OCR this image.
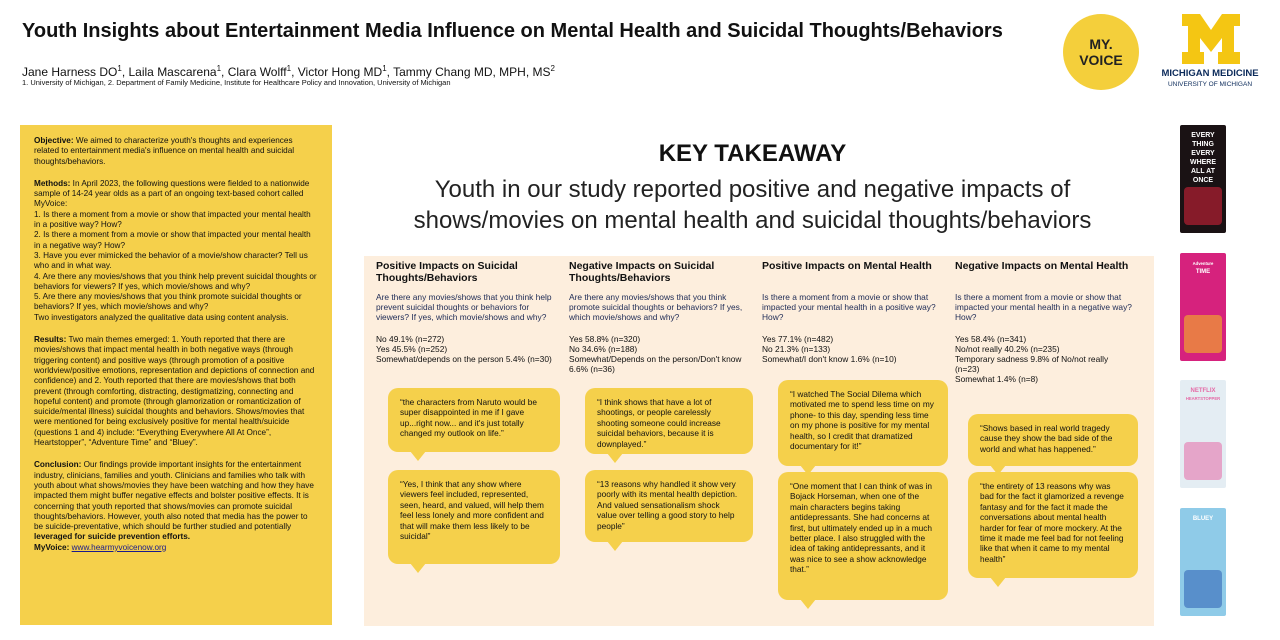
Youth Insights about Entertainment Media Influence on Mental Health and Suicidal Thoughts/Behaviors
Jane Harness $DO^1$, Laila Mascarena$^1$, Clara Wolff$^1$, Victor Hong $MD^1$, Tammy Chang MD, MPH, $MS^2$
1. University of Michigan, 2. Department of Family Medicine, Institute for Healthcare Policy and Innovation, University of Michigan
MY.
VOICE
MICHIGAN MEDICINE
UNIVERSITY OF MICHIGAN

Objective: We aimed to characterize youth's thoughts and experiences related to entertainment media's influence on mental health and suicidal thoughts/behaviors.

Methods: In April 2023, the following questions were fielded to a nationwide sample of 14-24 year olds as a part of an ongoing text-based cohort called MyVoice:

1. Is there a moment from a movie or show that impacted your mental health in a positive way? How?

2. Is there a moment from a movie or show that impacted your mental health in a negative way? How?

3. Have you ever mimicked the behavior of a movie/show character? Tell us who and in what way.

4. Are there any movies/shows that you think help prevent suicidal thoughts or behaviors for viewers? If yes, which movie/shows and why?

5. Are there any movies/shows that you think promote suicidal thoughts or behaviors? If yes, which movie/shows and why?

Two investigators analyzed the qualitative data using content analysis.

Results: Two main themes emerged: 1. Youth reported that there are movies/shows that impact mental health in both negative ways (through triggering content) and positive ways (through promotion of a positive worldview/positive emotions, representation and depictions of connection and confidence) and 2. Youth reported that there are movies/shows that both prevent (through comforting, distracting, destigmatizing, connecting and hopeful content) and promote (through glamorization or romanticization of suicide/mental illness) suicidal thoughts and behaviors. Shows/movies that were mentioned for being exclusively positive for mental health/suicide (questions 1 and 4) include: “Everything Everywhere All At Once”, Heartstopper”, “Adventure Time” and “Bluey”.

Conclusion: Our findings provide important insights for the entertainment industry, clinicians, families and youth. Clinicians and families who talk with youth about what shows/movies they have been watching and how they have impacted them might buffer negative effects and bolster positive effects. It is concerning that youth reported that shows/movies can promote suicidal thoughts/behaviors. However, youth also noted that media has the power to be suicide-preventative, which should be further studied and potentially leveraged for suicide prevention efforts.

MyVoice: www.hearmyvoicenow.org

KEY TAKEAWAY
Youth in our study reported positive and negative impacts of
shows/movies on mental health and suicidal thoughts/behaviors
Positive Impacts on Suicidal Thoughts/Behaviors
Are there any movies/shows that you think help prevent suicidal thoughts or behaviors for viewers? If yes, which movie/shows and why?
No 49.1% (n=272)
Yes 45.5% (n=252)
Somewhat/depends on the person 5.4% (n=30)
Negative Impacts on Suicidal Thoughts/Behaviors
Are there any movies/shows that you think promote suicidal thoughts or behaviors? If yes, which movie/shows and why?
Yes 58.8% (n=320)
No 34.6% (n=188)
Somewhat/Depends on the person/Don't know 6.6% (n=36)
Positive Impacts on Mental Health
Is there a moment from a movie or show that impacted your mental health in a positive way? How?
Yes 77.1% (n=482)
No 21.3% (n=133)
Somewhat/I don't know 1.6% (n=10)
Negative Impacts on Mental Health
Is there a moment from a movie or show that impacted your mental health in a negative way? How?
Yes 58.4% (n=341)
No/not really 40.2% (n=235)
Temporary sadness 9.8% of No/not really (n=23)
Somewhat 1.4% (n=8)
“the characters from Naruto would be super disappointed in me if I gave up...right now... and it's just totally changed my outlook on life.”
“Yes, I think that any show where viewers feel included, represented, seen, heard, and valued, will help them feel less lonely and more confident and that will make them less likely to be suicidal”
“I think shows that have a lot of shootings, or people carelessly shooting someone could increase suicidal behaviors, because it is downplayed.”
“13 reasons why handled it show very poorly with its mental health depiction. And valued sensationalism shock value over telling a good story to help people”
“I watched The Social Dilema which motivated me to spend less time on my phone- to this day, spending less time on my phone is positive for my mental health, so I credit that dramatized documentary for it!”
“One moment that I can think of was in Bojack Horseman, when one of the main characters begins taking antidepressants. She had concerns at first, but ultimately ended up in a much better place. I also struggled with the idea of taking antidepressants, and it was nice to see a show acknowledge that.”
“Shows based in real world tragedy cause they show the bad side of the world and what has happened.”
“the entirety of 13 reasons why was bad for the fact it glamorized a revenge fantasy and for the fact it made the conversations about mental health harder for fear of more mockery. At the time it made me feel bad for not feeling like that when it came to my mental health”
EVERY
THING
EVERY
WHERE
ALL AT
ONCE
Adventure
TIME
NETFLIX
HEARTSTOPPER
BLUEY
